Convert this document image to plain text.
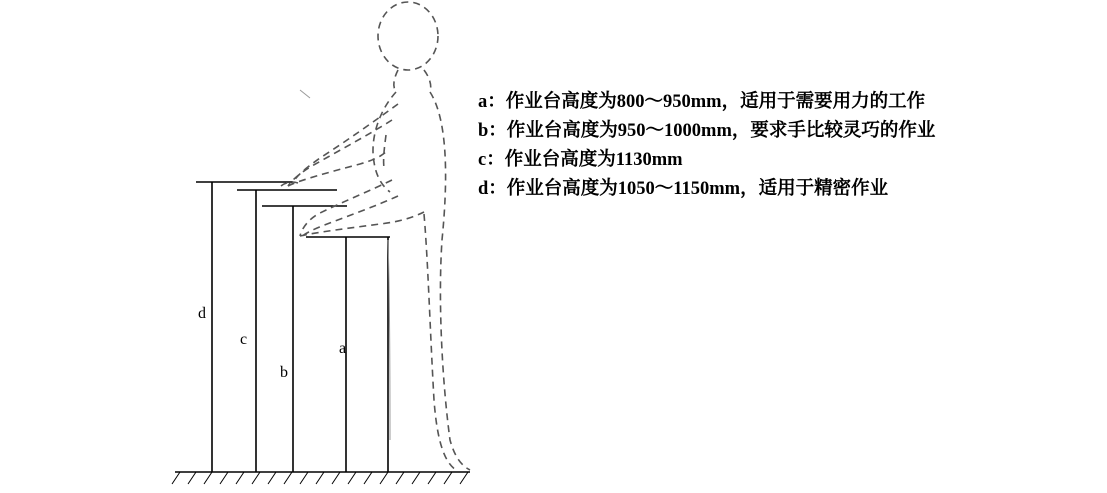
d
c
b
a
a：作业台高度为800～950mm，适用于需要用力的工作
b：作业台高度为950～1000mm，要求手比较灵巧的作业
c：作业台高度为1130mm
d：作业台高度为1050～1150mm，适用于精密作业
